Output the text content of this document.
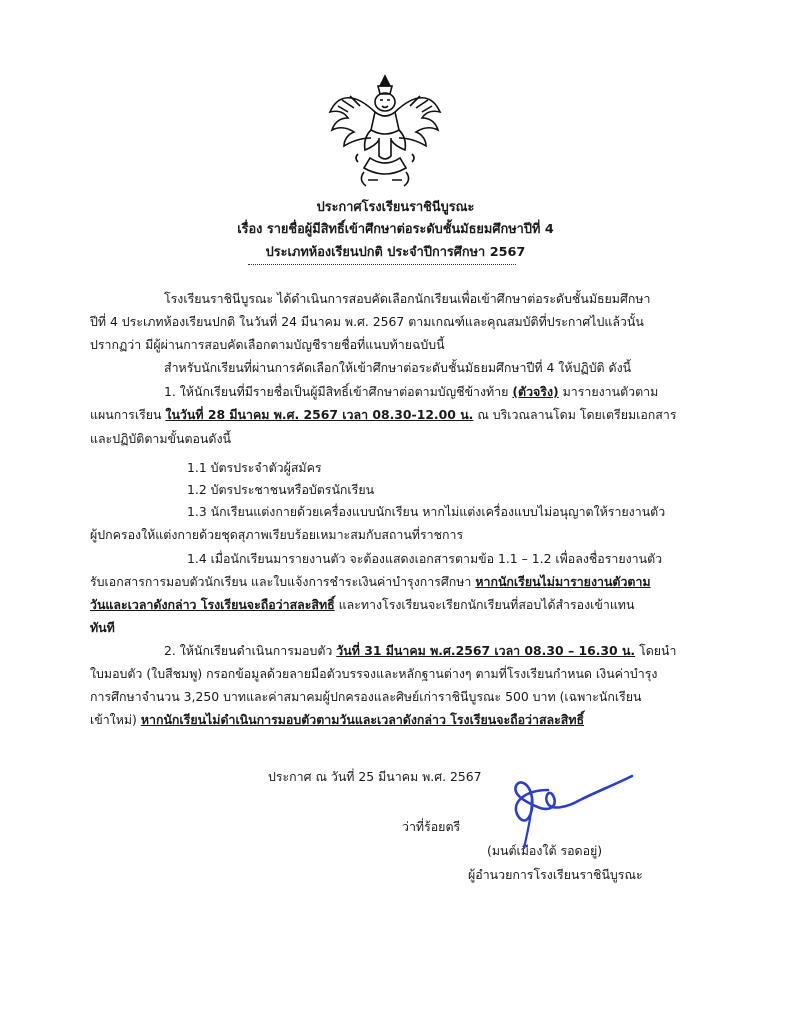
ประกาศโรงเรียนราชินีบูรณะ
เรื่อง รายชื่อผู้มีสิทธิ์เข้าศึกษาต่อระดับชั้นมัธยมศึกษาปีที่ 4
ประเภทห้องเรียนปกติ ประจำปีการศึกษา 2567
โรงเรียนราชินีบูรณะ ได้ดำเนินการสอบคัดเลือกนักเรียนเพื่อเข้าศึกษาต่อระดับชั้นมัธยมศึกษา
ปีที่ 4 ประเภทห้องเรียนปกติ ในวันที่ 24 มีนาคม พ.ศ. 2567 ตามเกณฑ์และคุณสมบัติที่ประกาศไปแล้วนั้น
ปรากฏว่า มีผู้ผ่านการสอบคัดเลือกตามบัญชีรายชื่อที่แนบท้ายฉบับนี้
สำหรับนักเรียนที่ผ่านการคัดเลือกให้เข้าศึกษาต่อระดับชั้นมัธยมศึกษาปีที่ 4 ให้ปฏิบัติ ดังนี้
1. ให้นักเรียนที่มีรายชื่อเป็นผู้มีสิทธิ์เข้าศึกษาต่อตามบัญชีข้างท้าย (ตัวจริง) มารายงานตัวตาม
แผนการเรียน ในวันที่ 28 มีนาคม พ.ศ. 2567 เวลา 08.30-12.00 น. ณ บริเวณลานโดม โดยเตรียมเอกสาร
และปฏิบัติตามขั้นตอนดังนี้
1.1 บัตรประจำตัวผู้สมัคร
1.2 บัตรประชาชนหรือบัตรนักเรียน
1.3 นักเรียนแต่งกายด้วยเครื่องแบบนักเรียน หากไม่แต่งเครื่องแบบไม่อนุญาตให้รายงานตัว
ผู้ปกครองให้แต่งกายด้วยชุดสุภาพเรียบร้อยเหมาะสมกับสถานที่ราชการ
1.4 เมื่อนักเรียนมารายงานตัว จะต้องแสดงเอกสารตามข้อ 1.1 – 1.2 เพื่อลงชื่อรายงานตัว
รับเอกสารการมอบตัวนักเรียน และใบแจ้งการชำระเงินค่าบำรุงการศึกษา หากนักเรียนไม่มารายงานตัวตาม
วันและเวลาดังกล่าว โรงเรียนจะถือว่าสละสิทธิ์ และทางโรงเรียนจะเรียกนักเรียนที่สอบได้สำรองเข้าแทน
ทันที
2. ให้นักเรียนดำเนินการมอบตัว วันที่ 31 มีนาคม พ.ศ.2567 เวลา 08.30 – 16.30 น. โดยนำ
ใบมอบตัว (ใบสีชมพู) กรอกข้อมูลด้วยลายมือตัวบรรจงและหลักฐานต่างๆ ตามที่โรงเรียนกำหนด เงินค่าบำรุง
การศึกษาจำนวน 3,250 บาทและค่าสมาคมผู้ปกครองและศิษย์เก่าราชินีบูรณะ 500 บาท (เฉพาะนักเรียน
เข้าใหม่) หากนักเรียนไม่ดำเนินการมอบตัวตามวันและเวลาดังกล่าว โรงเรียนจะถือว่าสละสิทธิ์
ประกาศ ณ วันที่ 25 มีนาคม พ.ศ. 2567
ว่าที่ร้อยตรี
(มนต์เมืองใต้ รอดอยู่)
ผู้อำนวยการโรงเรียนราชินีบูรณะ
